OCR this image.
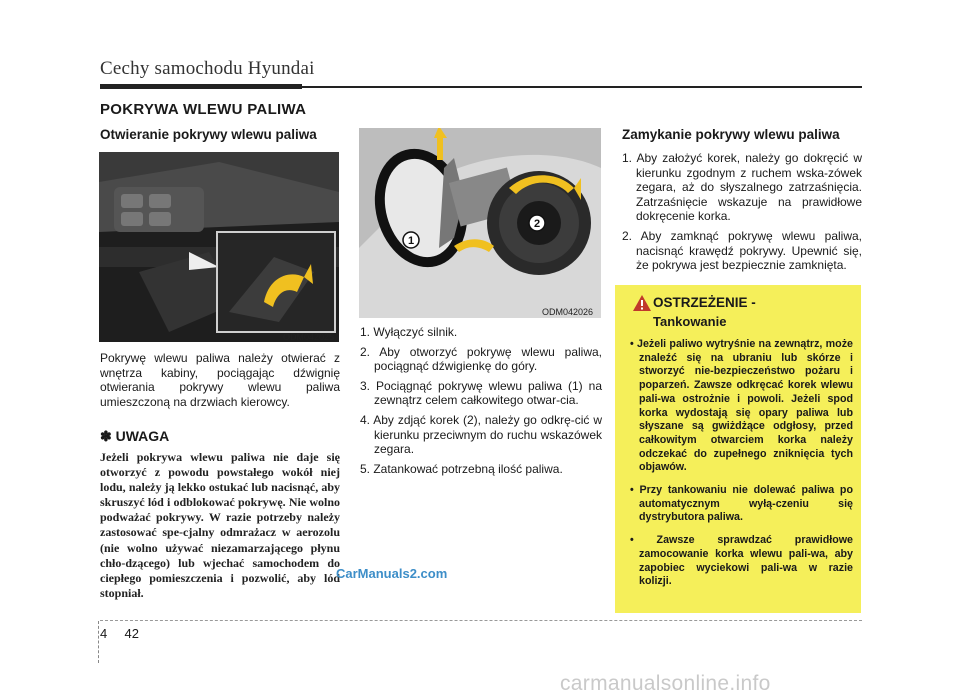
Cechy samochodu Hyundai
POKRYWA WLEWU PALIWA
Otwieranie pokrywy wlewu paliwa
ODM042025

Pokrywę wlewu paliwa należy otwierać z wnętrza kabiny, pociągając dźwignię otwierania pokrywy wlewu paliwa umieszczoną na drzwiach kierowcy.

✽ UWAGA

Jeżeli pokrywa wlewu paliwa nie daje się otworzyć z powodu powstałego wokół niej lodu, należy ją lekko ostukać lub nacisnąć, aby skruszyć lód i odblokować pokrywę. Nie wolno podważać pokrywy. W razie potrzeby należy zastosować spe-cjalny odmrażacz w aerozolu (nie wolno używać niezamarzającego płynu chło-dzącego) lub wjechać samochodem do ciepłego pomieszczenia i pozwolić, aby lód stopniał.

1
2
ODM042026
1. Wyłączyć silnik.
2. Aby otworzyć pokrywę wlewu paliwa, pociągnąć dźwigienkę do góry.
3. Pociągnąć pokrywę wlewu paliwa (1) na zewnątrz celem całkowitego otwar-cia.
4. Aby zdjąć korek (2), należy go odkrę-cić w kierunku przeciwnym do ruchu wskazówek zegara.
5. Zatankować potrzebną ilość paliwa.
Zamykanie pokrywy wlewu paliwa
1. Aby założyć korek, należy go dokręcić w kierunku zgodnym z ruchem wska-zówek zegara, aż do słyszalnego zatrzaśnięcia. Zatrzaśnięcie wskazuje na prawidłowe dokręcenie korka.
2. Aby zamknąć pokrywę wlewu paliwa, nacisnąć krawędź pokrywy. Upewnić się, że pokrywa jest bezpiecznie zamknięta.
OSTRZEŻENIE -
Tankowanie
• Jeżeli paliwo wytryśnie na zewnątrz, może znaleźć się na ubraniu lub skórze i stworzyć nie-bezpieczeństwo pożaru i poparzeń. Zawsze odkręcać korek wlewu pali-wa ostrożnie i powoli. Jeżeli spod korka wydostają się opary paliwa lub słyszane są gwiżdżące odgłosy, przed całkowitym otwarciem korka należy odczekać do zupełnego zniknięcia tych objawów.
• Przy tankowaniu nie dolewać paliwa po automatycznym wyłą-czeniu się dystrybutora paliwa.
• Zawsze sprawdzać prawidłowe zamocowanie korka wlewu pali-wa, aby zapobiec wyciekowi pali-wa w razie kolizji.
CarManuals2.com
4 42
carmanualsonline.info
